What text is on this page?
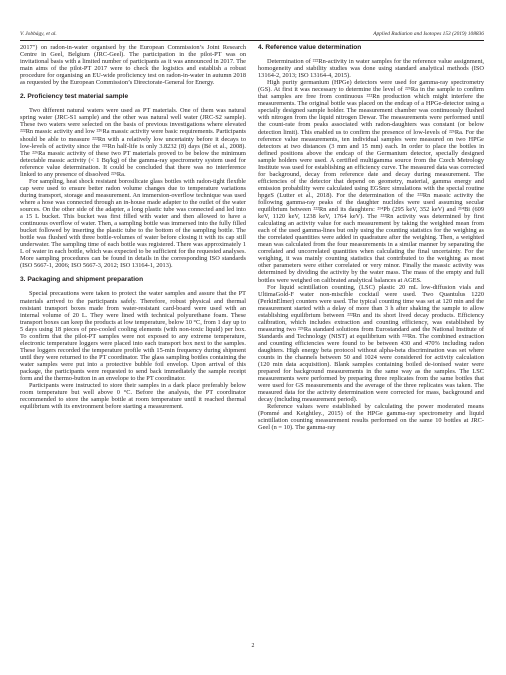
V. Jobbágy, et al.	Applied Radiation and Isotopes 153 (2019) 108836

2017") on radon-in-water organised by the European Commission’s Joint Research Centre in Geel, Belgium (JRC-Geel). The participation in the pilot-PT was on invitational basis with a limited number of participants as it was announced in 2017. The main aims of the pilot-PT 2017 were to check the logistics and establish a robust procedure for organising an EU-wide proficiency test on radon-in-water in autumn 2018 as requested by the European Commission’s Directorate-General for Energy.

2. Proficiency test material sample

Two different natural waters were used as PT materials. One of them was natural spring water (JRC-S1 sample) and the other was natural well water (JRC-S2 sample). These two waters were selected on the basis of previous investigations where elevated ²²²Rn massic activity and low ²²⁶Ra massic activity were basic requirements. Participants should be able to measure ²²²Rn with a relatively low uncertainty before it decays to low-levels of activity since the ²²²Rn half-life is only 3.8232 (8) days (Bé et al., 2008). The ²²⁶Ra massic activity of these two PT materials proved to be below the minimum detectable massic activity (< 1 Bq/kg) of the gamma-ray spectrometry system used for reference value determination. It could be concluded that there was no interference linked to any presence of dissolved ²²⁶Ra.

For sampling, heat shock resistant borosilicate glass bottles with radon-tight flexible cap were used to ensure better radon volume changes due to temperature variations during transport, storage and measurement. An immersion-overflow technique was used where a hose was connected through an in-house made adapter to the outlet of the water sources. On the other side of the adapter, a long plastic tube was connected and led into a 15 L bucket. This bucket was first filled with water and then allowed to have a continuous overflow of water. Then, a sampling bottle was immersed into the fully filled bucket followed by inserting the plastic tube to the bottom of the sampling bottle. The bottle was flushed with three bottle-volumes of water before closing it with its cap still underwater. The sampling time of each bottle was registered. There was approximately 1 L of water in each bottle, which was expected to be sufficient for the requested analyses. More sampling procedures can be found in details in the corresponding ISO standards (ISO 5667-1, 2006; ISO 5667-3, 2012; ISO 13164-1, 2013).

3. Packaging and shipment preparation

Special precautions were taken to protect the water samples and assure that the PT materials arrived to the participants safely. Therefore, robust physical and thermal resistant transport boxes made from water-resistant card-board were used with an internal volume of 20 L. They were lined with technical polyurethane foam. These transport boxes can keep the products at low temperature, below 10 °C, from 1 day up to 5 days using 18 pieces of pre-cooled cooling elements (with non-toxic liquid) per box. To confirm that the pilot-PT samples were not exposed to any extreme temperature, electronic temperature loggers were placed into each transport box next to the samples. These loggers recorded the temperature profile with 15-min frequency during shipment until they were returned to the PT coordinator. The glass sampling bottles containing the water samples were put into a protective bubble foil envelop. Upon arrival of this package, the participants were requested to send back immediately the sample receipt form and the thermo-button in an envelope to the PT coordinator.

Participants were instructed to store their samples in a dark place preferably below room temperature but well above 0 °C. Before the analysis, the PT coordinator recommended to store the sample bottle at room temperature until it reached thermal equilibrium with its environment before starting a measurement.

4. Reference value determination

Determination of ²²²Rn-activity in water samples for the reference value assignment, homogeneity and stability studies was done using standard analytical methods (ISO 13164-2, 2013; ISO 13164-4, 2015).

High purity germanium (HPGe) detectors were used for gamma-ray spectrometry (GS). At first it was necessary to determine the level of ²²⁶Ra in the sample to confirm that samples are free from continuous ²²²Rn production which might interfere the measurements. The original bottle was placed on the endcap of a HPGe-detector using a specially designed sample holder. The measurement chamber was continuously flushed with nitrogen from the liquid nitrogen Dewar. The measurements were performed until the count-rate from peaks associated with radon-daughters was constant (or below detection limit). This enabled us to confirm the presence of low-levels of ²²⁶Ra. For the reference value measurements, ten individual samples were measured on two HPGe detectors at two distances (3 mm and 15 mm) each. In order to place the bottles in defined positions above the endcap of the Germanium detector, specially designed sample holders were used. A certified multigamma source from the Czech Metrology Institute was used for establishing an efficiency curve. The measured data was corrected for background, decay from reference date and decay during measurement. The efficiencies of the detector that depend on geometry, material, gamma energy and emission probability were calculated using EGSnrc simulations with the special routine hpgeS (Lutter et al., 2018). For the determination of the ²²²Rn massic activity the following gamma-ray peaks of the daughter nuclides were used assuming secular equilibrium between ²²²Rn and its daughters: ²¹⁴Pb (295 keV, 352 keV) and ²¹⁴Bi (609 keV, 1120 keV, 1238 keV, 1764 keV). The ²²²Rn activity was determined by first calculating an activity value for each measurement by taking the weighted mean from each of the used gamma-lines but only using the counting statistics for the weighing as the correlated quantities were added in quadrature after the weighing. Then, a weighted mean was calculated from the four measurements in a similar manner by separating the correlated and uncorrelated quantities when calculating the final uncertainty. For the weighing, it was mainly counting statistics that contributed to the weighing as most other parameters were either correlated or very minor. Finally the massic activity was determined by dividing the activity by the water mass. The mass of the empty and full bottles were weighed on calibrated analytical balances at AGES.

For liquid scintillation counting, (LSC) plastic 20 mL low-diffusion vials and UltimaGold-F water non-miscible cocktail were used. Two Quantulus 1220 (PerkinElmer) counters were used. The typical counting time was set at 120 min and the measurement started with a delay of more than 3 h after shaking the sample to allow establishing equilibrium between ²²²Rn and its short lived decay products. Efficiency calibration, which includes extraction and counting efficiency, was established by measuring two ²²⁶Ra standard solutions from Eurostandard and the National Institute of Standards and Technology (NIST) at equilibrium with ²²²Rn. The combined extraction and counting efficiencies were found to be between 430 and 470% including radon daughters. High energy beta protocol without alpha-beta discrimination was set where counts in the channels between 50 and 1024 were considered for activity calculation (120 min data acquisition). Blank samples containing boiled de-ionised water were prepared for background measurements in the same way as the samples. The LSC measurements were performed by preparing three replicates from the same bottles that were used for GS measurements and the average of the three replicates was taken. The measured data for the activity determination were corrected for mass, background and decay (including measurement period).

Reference values were established by calculating the power moderated means (Pommé and Keightley., 2015) of the HPGe gamma-ray spectrometry and liquid scintillation counting measurement results performed on the same 10 bottles at JRC-Geel (n = 10). The gamma-ray

2
